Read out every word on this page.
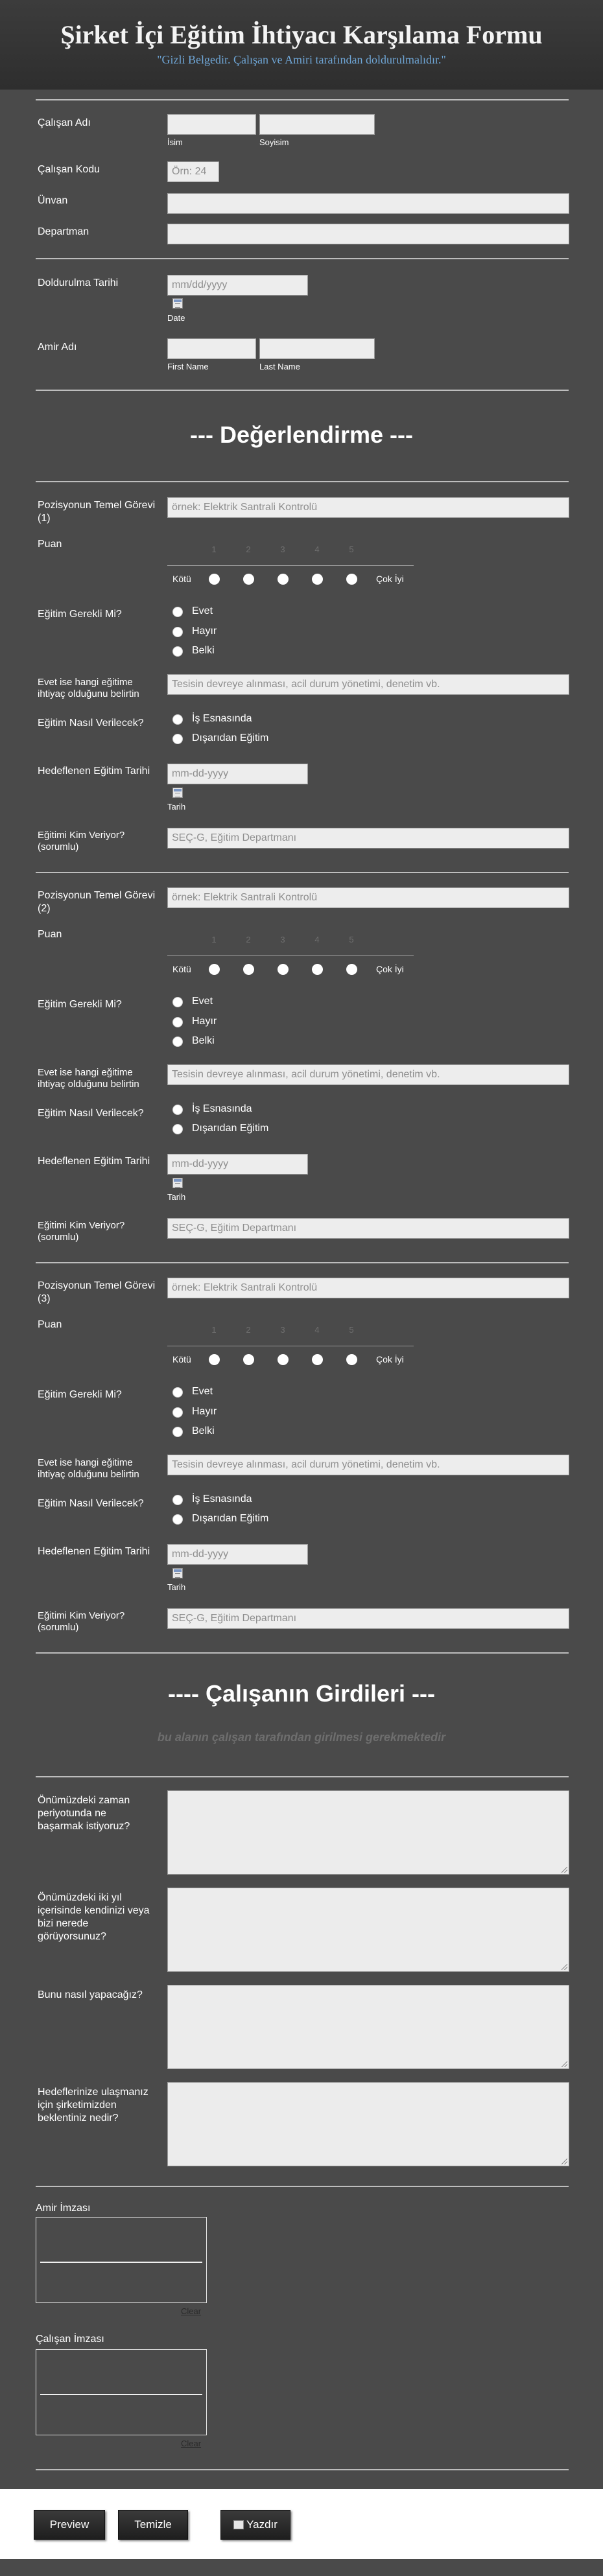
Şirket İçi Eğitim İhtiyacı Karşılama Formu
"Gizli Belgedir. Çalışan ve Amiri tarafından doldurulmalıdır."
Çalışan Adı
İsim	Soyisim
Çalışan Kodu	Örn: 24
Ünvan
Departman
Doldurulma Tarihi	mm/dd/yyyy
Date
Amir Adı
First Name	Last Name
--- Değerlendirme ---
Pozisyonun Temel Görevi (1)
örnek: Elektrik Santrali Kontrolü
Puan	1	2	3	4	5
Kötü	Çok İyi
Eğitim Gerekli Mi?	Evet
Hayır
Belki
Evet ise hangi eğitime ihtiyaç olduğunu belirtin
Tesisin devreye alınması, acil durum yönetimi, denetim vb.
Eğitim Nasıl Verilecek?	İş Esnasında
Dışarıdan Eğitim
Hedeflenen Eğitim Tarihi	mm-dd-yyyy
Tarih
Eğitimi Kim Veriyor? (sorumlu)
SEÇ-G, Eğitim Departmanı
Pozisyonun Temel Görevi (2)
örnek: Elektrik Santrali Kontrolü
Puan	1	2	3	4	5
Kötü	Çok İyi
Eğitim Gerekli Mi?	Evet
Hayır
Belki
Evet ise hangi eğitime ihtiyaç olduğunu belirtin
Tesisin devreye alınması, acil durum yönetimi, denetim vb.
Eğitim Nasıl Verilecek?	İş Esnasında
Dışarıdan Eğitim
Hedeflenen Eğitim Tarihi	mm-dd-yyyy
Tarih
Eğitimi Kim Veriyor? (sorumlu)
SEÇ-G, Eğitim Departmanı
Pozisyonun Temel Görevi (3)
örnek: Elektrik Santrali Kontrolü
Puan	1	2	3	4	5
Kötü	Çok İyi
Eğitim Gerekli Mi?	Evet
Hayır
Belki
Evet ise hangi eğitime ihtiyaç olduğunu belirtin
Tesisin devreye alınması, acil durum yönetimi, denetim vb.
Eğitim Nasıl Verilecek?	İş Esnasında
Dışarıdan Eğitim
Hedeflenen Eğitim Tarihi	mm-dd-yyyy
Tarih
Eğitimi Kim Veriyor? (sorumlu)
SEÇ-G, Eğitim Departmanı
---- Çalışanın Girdileri ---
bu alanın çalışan tarafından girilmesi gerekmektedir
Önümüzdeki zaman periyotunda ne başarmak istiyoruz?
Önümüzdeki iki yıl içerisinde kendinizi veya bizi nerede görüyorsunuz?
Bunu nasıl yapacağız?
Hedeflerinize ulaşmanız için şirketimizden beklentiniz nedir?
Amir İmzası
Clear
Çalışan İmzası
Clear
Preview	Temizle	Yazdır
